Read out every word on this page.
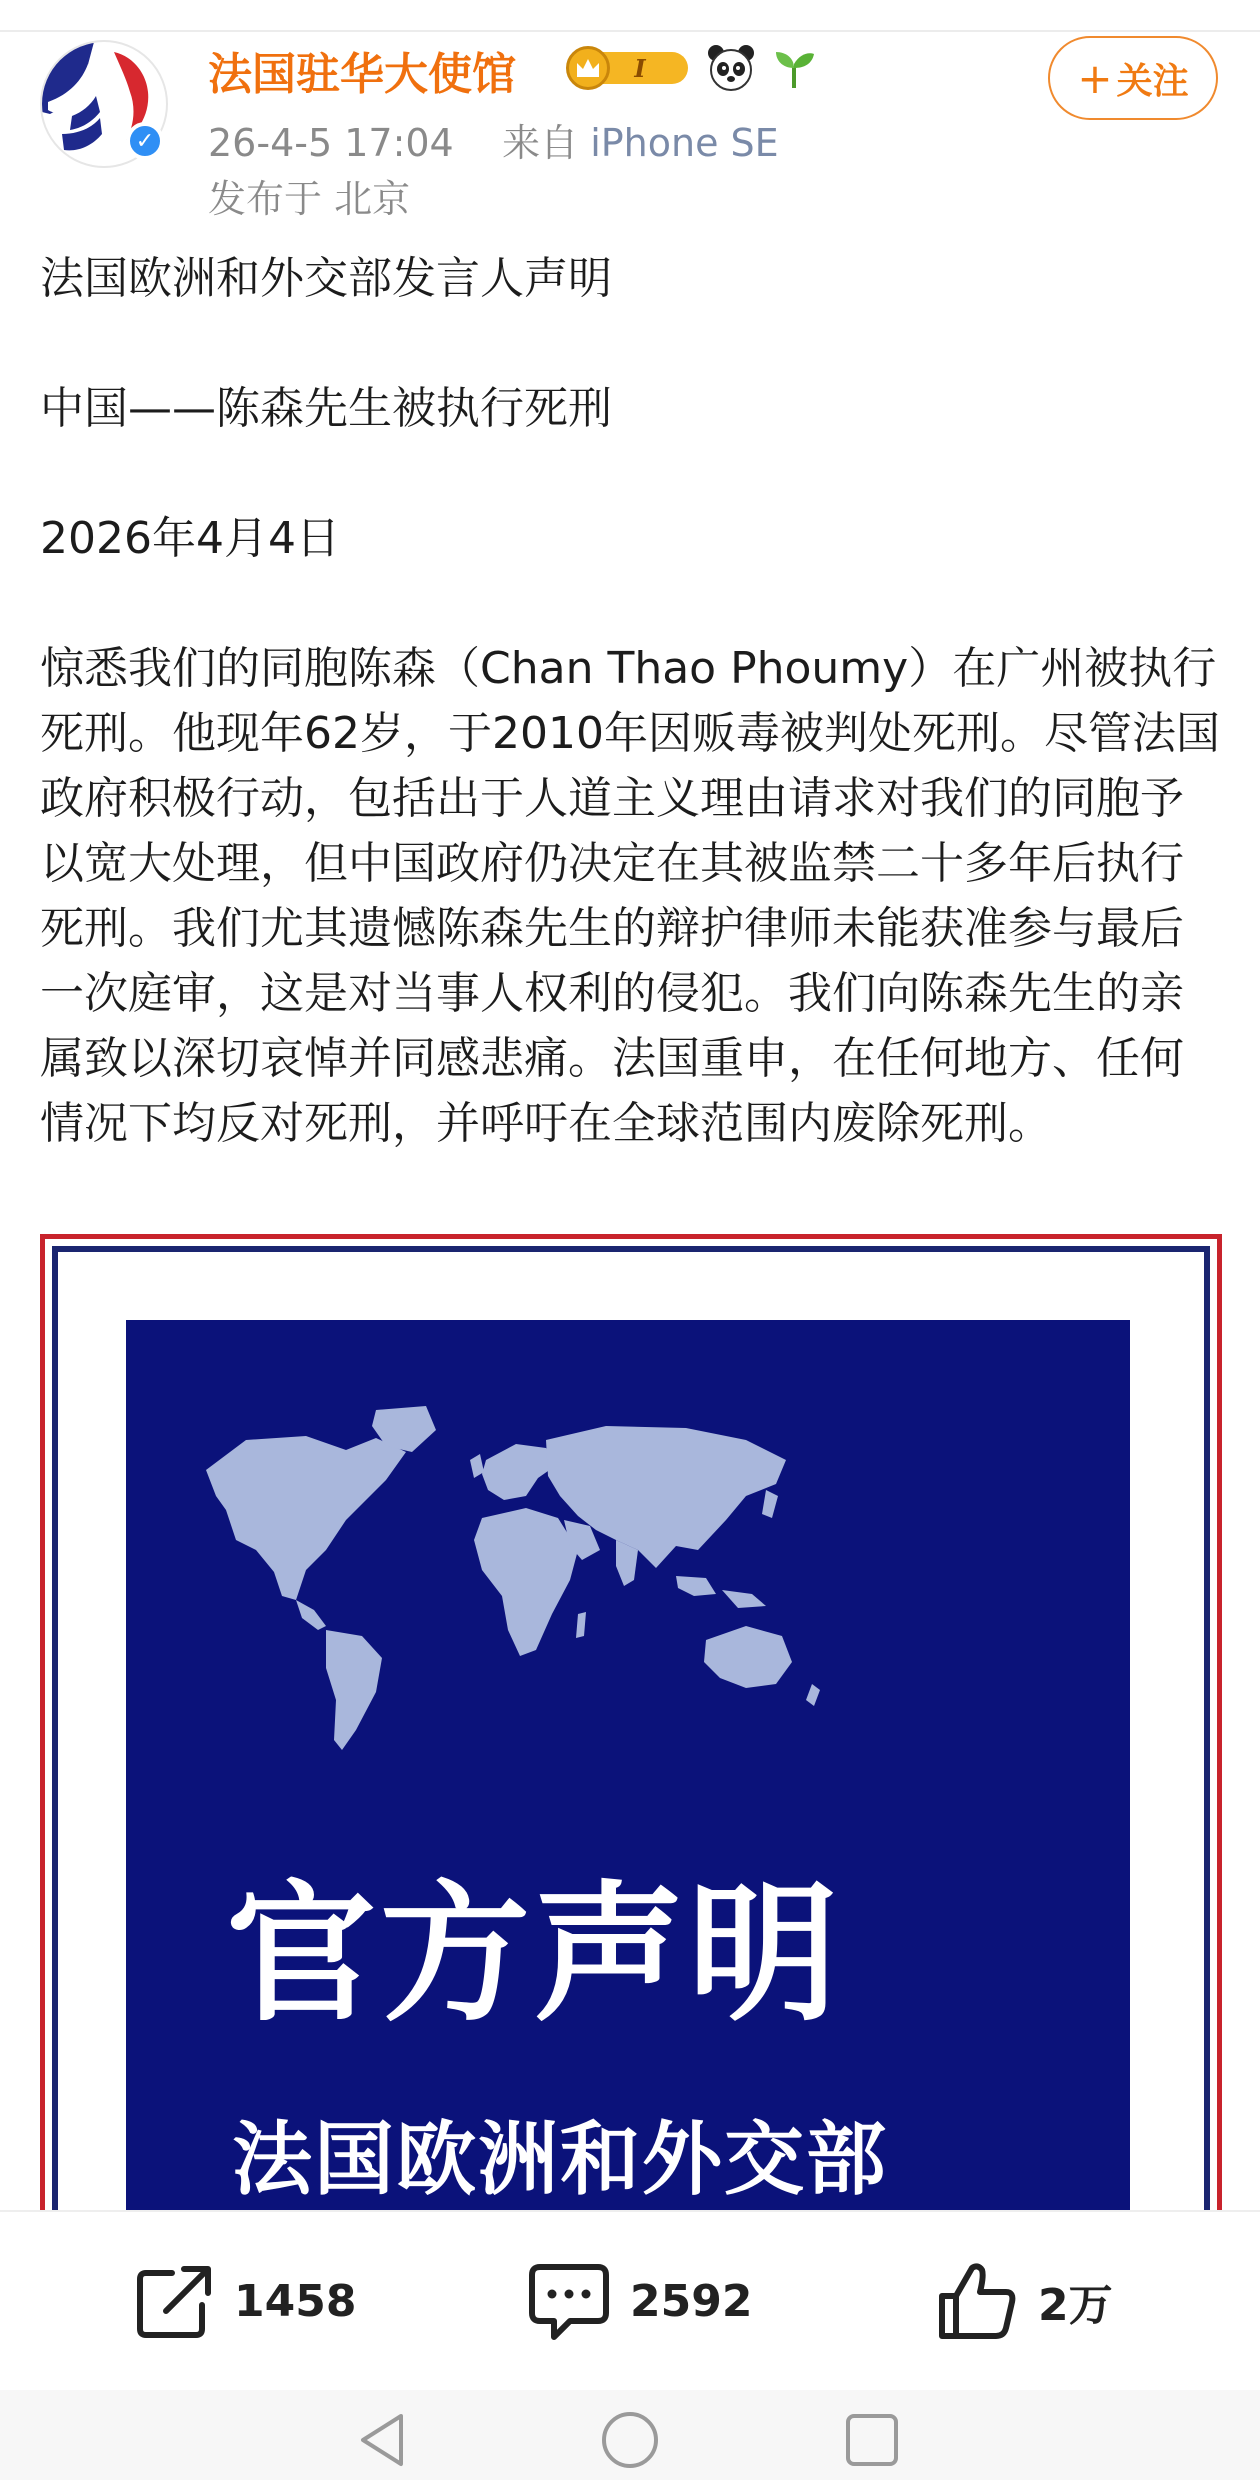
✓
法国驻华大使馆	I	+ 关注
26-4-5 17:04 来自 iPhone SE
发布于 北京

法国欧洲和外交部发言人声明

中国——陈森先生被执行死刑

2026年4月4日

惊悉我们的同胞陈森（Chan Thao Phoumy）在广州被执行死刑。他现年62岁，于2010年因贩毒被判处死刑。尽管法国政府积极行动，包括出于人道主义理由请求对我们的同胞予以宽大处理，但中国政府仍决定在其被监禁二十多年后执行死刑。我们尤其遗憾陈森先生的辩护律师未能获准参与最后一次庭审，这是对当事人权利的侵犯。我们向陈森先生的亲属致以深切哀悼并同感悲痛。法国重申，在任何地方、任何情况下均反对死刑，并呼吁在全球范围内废除死刑。

官方声明
法国欧洲和外交部
1458	2592	2万
